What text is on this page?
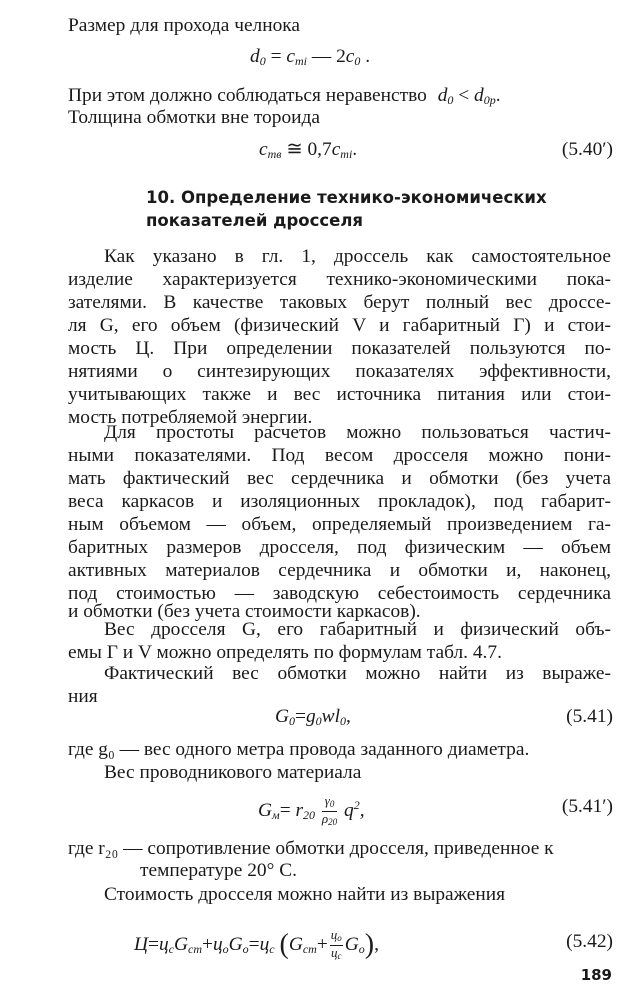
Размер для прохода челнока
$d_0 = c_{тi}$ — $2c_0$ .
При этом должно соблюдаться неравенство $d_0 < d_{0p}$.
Толщина обмотки вне тороида
$c_{тв}$ ≅ $0,7c_{тi}$.	(5.40′)
10. Определение технико-экономических
показателей дросселя
Как указано в гл. 1, дроссель как самостоятельное
изделие характеризуется технико-экономическими пока-
зателями. В качестве таковых берут полный вес дроссе-
ля G, его объем (физический V и габаритный Г) и стои-
мость Ц. При определении показателей пользуются по-
нятиями о синтезирующих показателях эффективности,
учитывающих также и вес источника питания или стои-
мость потребляемой энергии.
Для простоты расчетов можно пользоваться частич-
ными показателями. Под весом дросселя можно пони-
мать фактический вес сердечника и обмотки (без учета
веса каркасов и изоляционных прокладок), под габарит-
ным объемом — объем, определяемый произведением га-
баритных размеров дросселя, под физическим — объем
активных материалов сердечника и обмотки и, наконец,
под стоимостью — заводскую себестоимость сердечника
и обмотки (без учета стоимости каркасов).
Вес дросселя G, его габаритный и физический объ-
емы Г и V можно определять по формулам табл. 4.7.
Фактический вес обмотки можно найти из выраже-
ния
$G_0=g_0wl_0$,	(5.41)
где g₀ — вес одного метра провода заданного диаметра.
Вес проводникового материала
$G_м= r_{20} \frac{\gamma_0}{\rho_{20}} q^2$,	(5.41′)
где r₂₀ — сопротивление обмотки дросселя, приведенное к
температуре 20° С.
Стоимость дросселя можно найти из выражения
$Ц=ц_сG_{ст}+ц_оG_о=ц_с$ $(G_{ст}+ \frac{ц_о}{ц_с} G_о)$,	(5.42)
189
